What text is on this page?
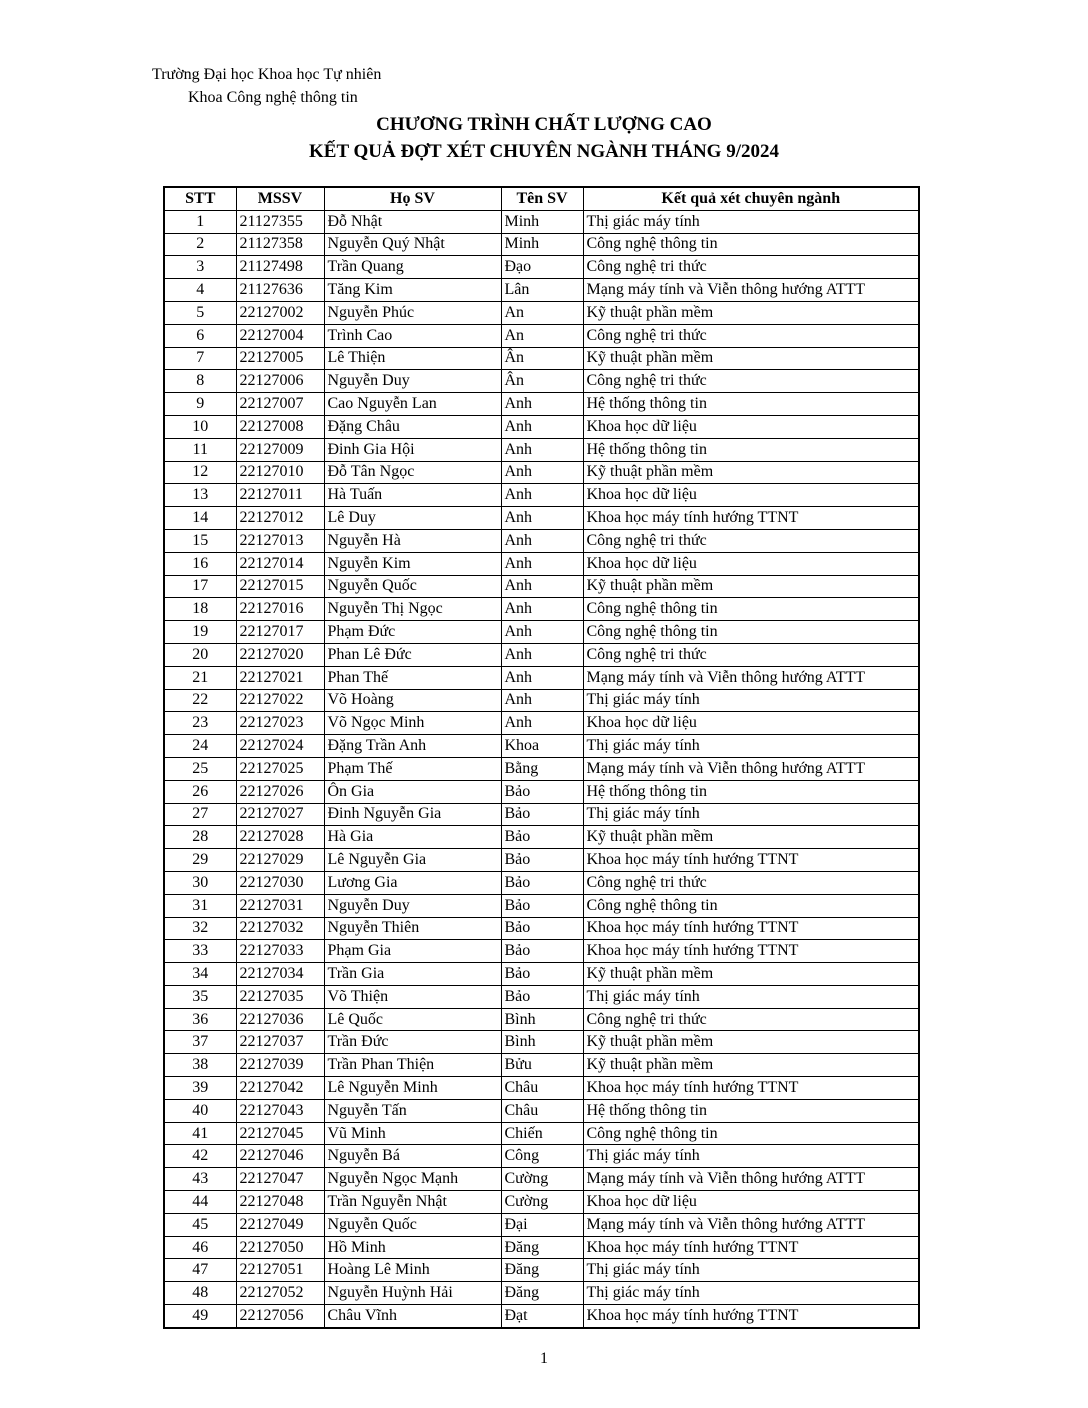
Trường Đại học Khoa học Tự nhiên
Khoa Công nghệ thông tin
CHƯƠNG TRÌNH CHẤT LƯỢNG CAO
KẾT QUẢ ĐỢT XÉT CHUYÊN NGÀNH THÁNG 9/2024
STT	MSSV	Họ SV	Tên SV	Kết quả xét chuyên ngành
1	21127355	Đỗ Nhật	Minh	Thị giác máy tính
2	21127358	Nguyễn Quý Nhật	Minh	Công nghệ thông tin
3	21127498	Trần Quang	Đạo	Công nghệ tri thức
4	21127636	Tăng Kim	Lân	Mạng máy tính và Viễn thông hướng ATTT
5	22127002	Nguyễn Phúc	An	Kỹ thuật phần mềm
6	22127004	Trình Cao	An	Công nghệ tri thức
7	22127005	Lê Thiện	Ân	Kỹ thuật phần mềm
8	22127006	Nguyễn Duy	Ân	Công nghệ tri thức
9	22127007	Cao Nguyễn Lan	Anh	Hệ thống thông tin
10	22127008	Đặng Châu	Anh	Khoa học dữ liệu
11	22127009	Đinh Gia Hội	Anh	Hệ thống thông tin
12	22127010	Đỗ Tân Ngọc	Anh	Kỹ thuật phần mềm
13	22127011	Hà Tuấn	Anh	Khoa học dữ liệu
14	22127012	Lê Duy	Anh	Khoa học máy tính hướng TTNT
15	22127013	Nguyễn Hà	Anh	Công nghệ tri thức
16	22127014	Nguyễn Kim	Anh	Khoa học dữ liệu
17	22127015	Nguyễn Quốc	Anh	Kỹ thuật phần mềm
18	22127016	Nguyễn Thị Ngọc	Anh	Công nghệ thông tin
19	22127017	Phạm Đức	Anh	Công nghệ thông tin
20	22127020	Phan Lê Đức	Anh	Công nghệ tri thức
21	22127021	Phan Thế	Anh	Mạng máy tính và Viễn thông hướng ATTT
22	22127022	Võ Hoàng	Anh	Thị giác máy tính
23	22127023	Võ Ngọc Minh	Anh	Khoa học dữ liệu
24	22127024	Đặng Trần Anh	Khoa	Thị giác máy tính
25	22127025	Phạm Thế	Bằng	Mạng máy tính và Viễn thông hướng ATTT
26	22127026	Ôn Gia	Bảo	Hệ thống thông tin
27	22127027	Đinh Nguyễn Gia	Bảo	Thị giác máy tính
28	22127028	Hà Gia	Bảo	Kỹ thuật phần mềm
29	22127029	Lê Nguyễn Gia	Bảo	Khoa học máy tính hướng TTNT
30	22127030	Lương Gia	Bảo	Công nghệ tri thức
31	22127031	Nguyễn Duy	Bảo	Công nghệ thông tin
32	22127032	Nguyễn Thiên	Bảo	Khoa học máy tính hướng TTNT
33	22127033	Phạm Gia	Bảo	Khoa học máy tính hướng TTNT
34	22127034	Trần Gia	Bảo	Kỹ thuật phần mềm
35	22127035	Võ Thiện	Bảo	Thị giác máy tính
36	22127036	Lê Quốc	Bình	Công nghệ tri thức
37	22127037	Trần Đức	Bình	Kỹ thuật phần mềm
38	22127039	Trần Phan Thiện	Bửu	Kỹ thuật phần mềm
39	22127042	Lê Nguyễn Minh	Châu	Khoa học máy tính hướng TTNT
40	22127043	Nguyễn Tấn	Châu	Hệ thống thông tin
41	22127045	Vũ Minh	Chiến	Công nghệ thông tin
42	22127046	Nguyễn Bá	Công	Thị giác máy tính
43	22127047	Nguyễn Ngọc Mạnh	Cường	Mạng máy tính và Viễn thông hướng ATTT
44	22127048	Trần Nguyễn Nhật	Cường	Khoa học dữ liệu
45	22127049	Nguyễn Quốc	Đại	Mạng máy tính và Viễn thông hướng ATTT
46	22127050	Hồ Minh	Đăng	Khoa học máy tính hướng TTNT
47	22127051	Hoàng Lê Minh	Đăng	Thị giác máy tính
48	22127052	Nguyễn Huỳnh Hải	Đăng	Thị giác máy tính
49	22127056	Châu Vĩnh	Đạt	Khoa học máy tính hướng TTNT
1
